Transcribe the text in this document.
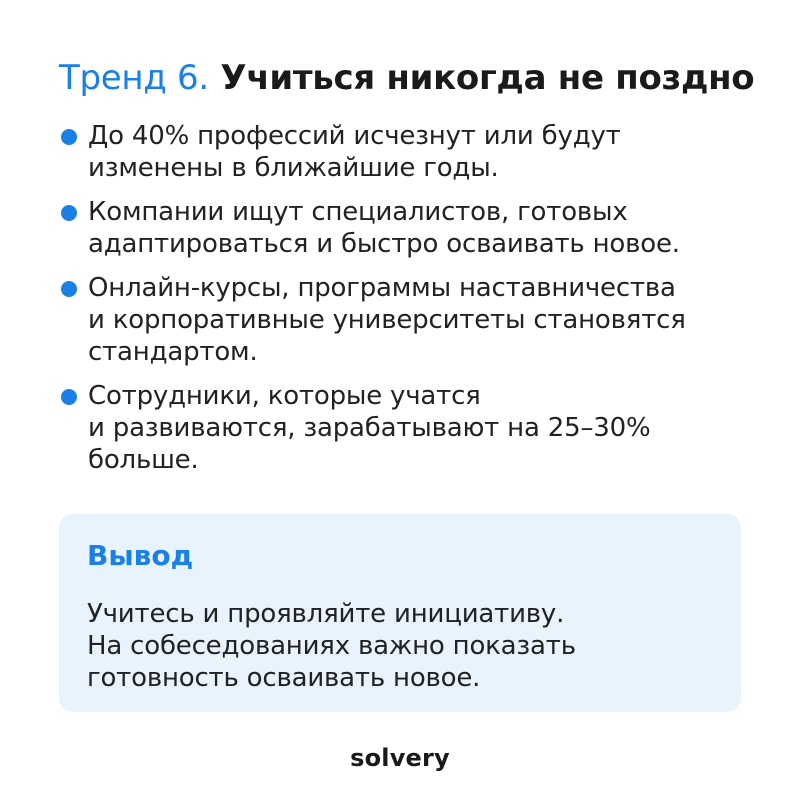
Тренд 6. Учиться никогда не поздно
До 40% профессий исчезнут или будут
изменены в ближайшие годы.
Компании ищут специалистов, готовых
адаптироваться и быстро осваивать новое.
Онлайн-курсы, программы наставничества
и корпоративные университеты становятся
стандартом.
Сотрудники, которые учатся
и развиваются, зарабатывают на 25–30%
больше.
Вывод
Учитесь и проявляйте инициативу.
На собеседованиях важно показать
готовность осваивать новое.
solvery
